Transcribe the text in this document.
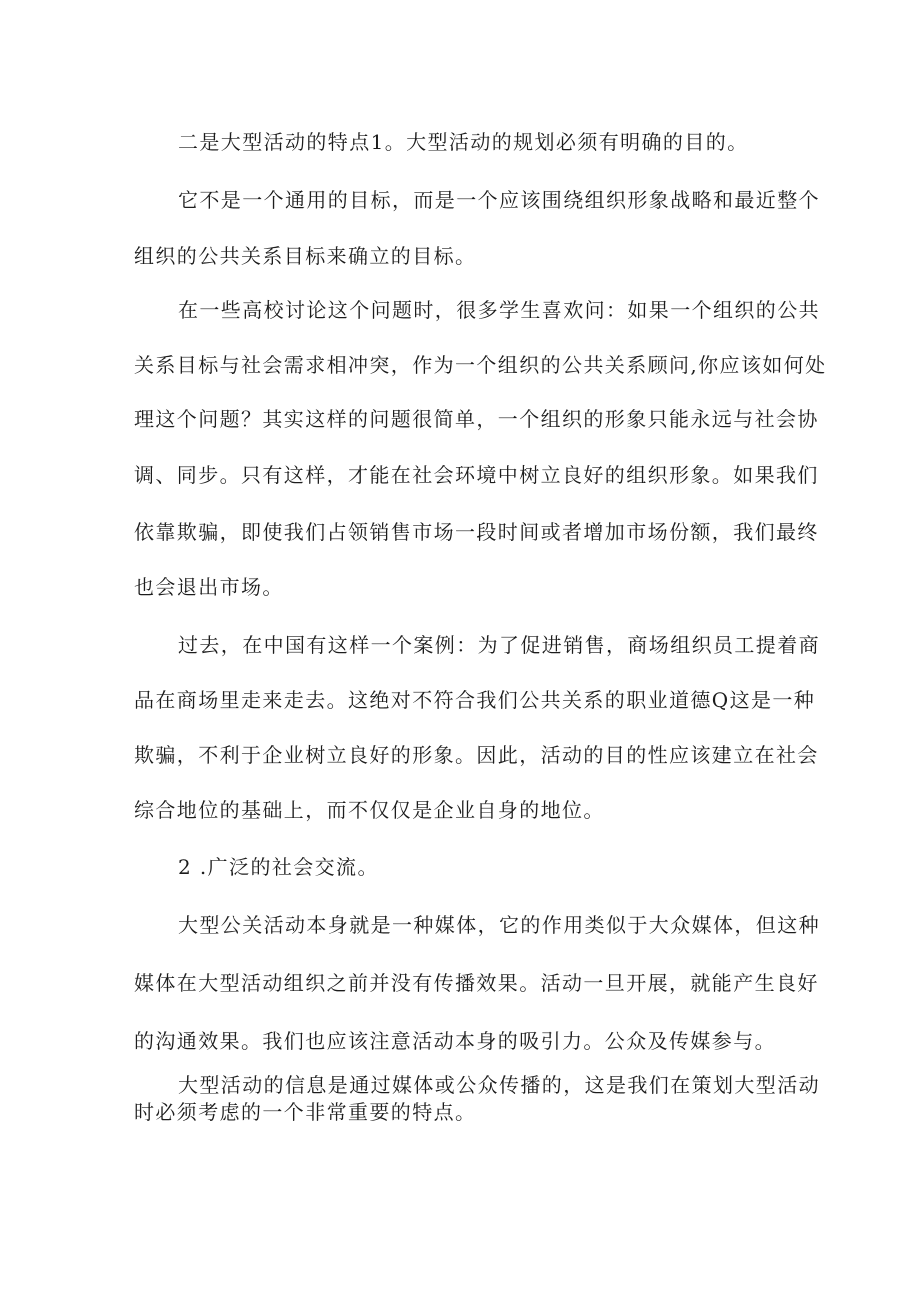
二是大型活动的特点1。大型活动的规划必须有明确的目的。
它不是一个通用的目标，而是一个应该围绕组织形象战略和最近整个
组织的公共关系目标来确立的目标。
在一些高校讨论这个问题时，很多学生喜欢问：如果一个组织的公共
关系目标与社会需求相冲突，作为一个组织的公共关系顾问,你应该如何处
理这个问题？其实这样的问题很简单，一个组织的形象只能永远与社会协
调、同步。只有这样，才能在社会环境中树立良好的组织形象。如果我们
依靠欺骗，即使我们占领销售市场一段时间或者增加市场份额，我们最终
也会退出市场。
过去，在中国有这样一个案例：为了促进销售，商场组织员工提着商
品在商场里走来走去。这绝对不符合我们公共关系的职业道德Q这是一种
欺骗，不利于企业树立良好的形象。因此，活动的目的性应该建立在社会
综合地位的基础上，而不仅仅是企业自身的地位。
2 .广泛的社会交流。
大型公关活动本身就是一种媒体，它的作用类似于大众媒体，但这种
媒体在大型活动组织之前并没有传播效果。活动一旦开展，就能产生良好
的沟通效果。我们也应该注意活动本身的吸引力。公众及传媒参与。
大型活动的信息是通过媒体或公众传播的，这是我们在策划大型活动
时必须考虑的一个非常重要的特点。
